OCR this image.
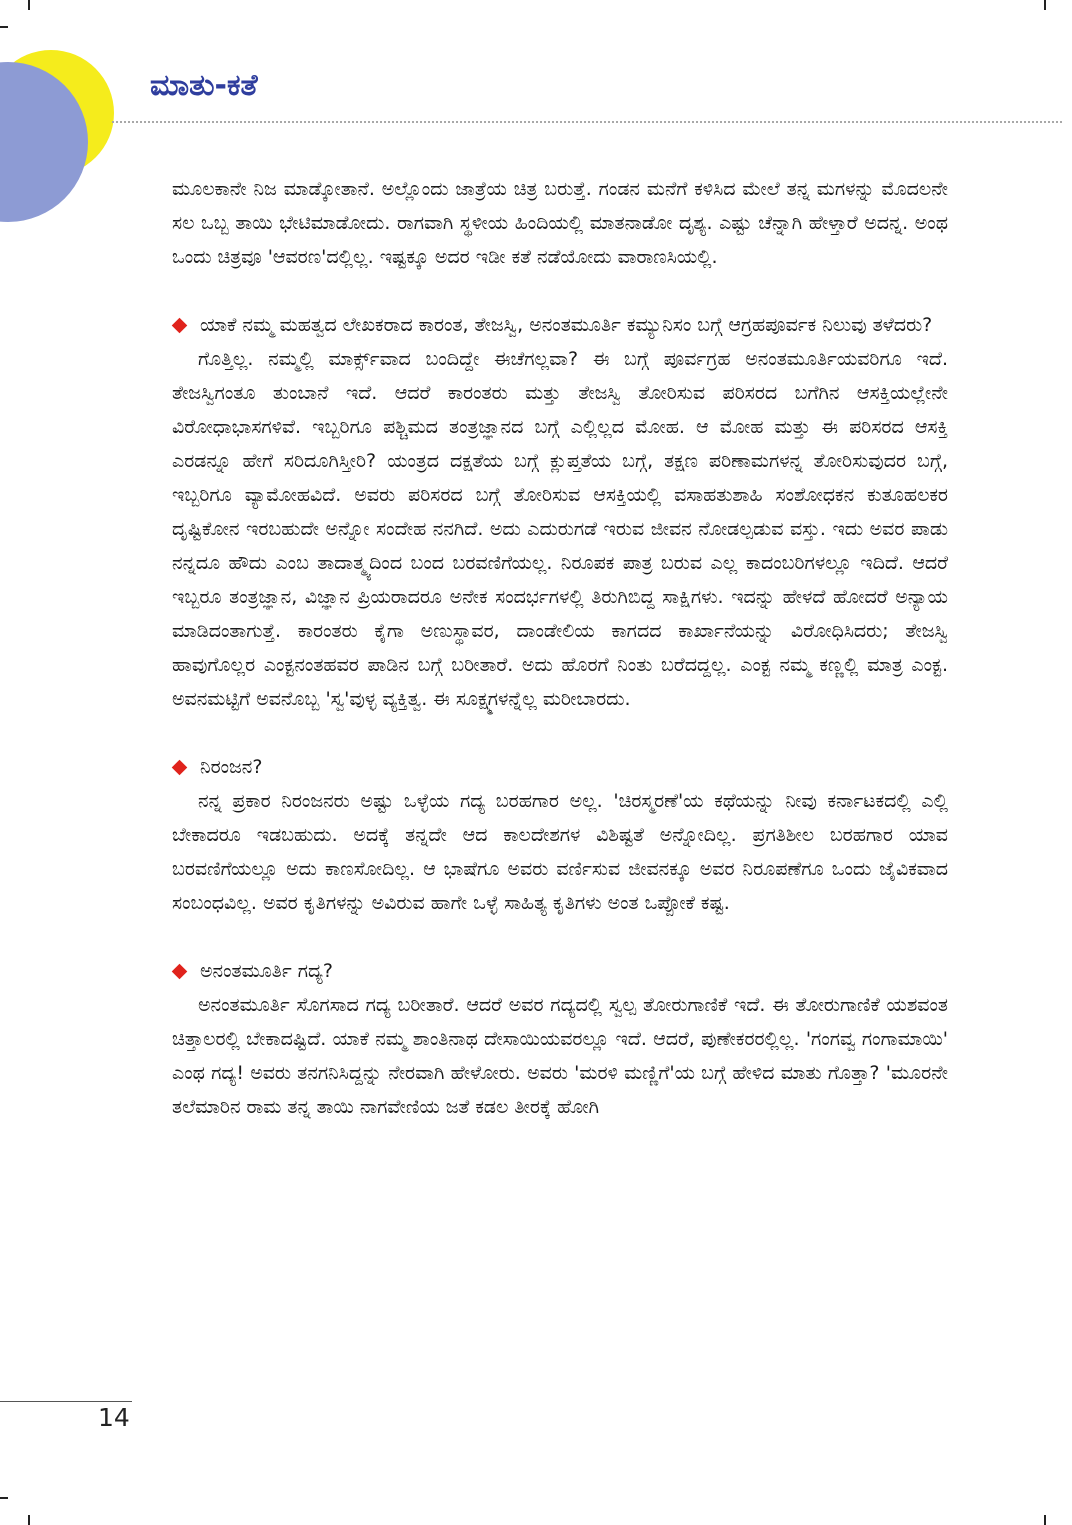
ಮಾತು-ಕತೆ

ಮೂಲಕಾನೇ ನಿಜ ಮಾಡ್ಕೋತಾನೆ. ಅಲ್ಲೊಂದು ಜಾತ್ರೆಯ ಚಿತ್ರ ಬರುತ್ತೆ. ಗಂಡನ ಮನೆಗೆ ಕಳಿಸಿದ ಮೇಲೆ ತನ್ನ ಮಗಳನ್ನು ಮೊದಲನೇ ಸಲ ಒಬ್ಬ ತಾಯಿ ಭೇಟಿಮಾಡೋದು. ರಾಗವಾಗಿ ಸ್ಥಳೀಯ ಹಿಂದಿಯಲ್ಲಿ ಮಾತನಾಡೋ ದೃಶ್ಯ. ಎಷ್ಟು ಚೆನ್ನಾಗಿ ಹೇಳ್ತಾರೆ ಅದನ್ನ. ಅಂಥ ಒಂದು ಚಿತ್ರವೂ 'ಆವರಣ'ದಲ್ಲಿಲ್ಲ. ಇಷ್ಟಕ್ಕೂ ಅದರ ಇಡೀ ಕತೆ ನಡೆಯೋದು ವಾರಾಣಸಿಯಲ್ಲಿ.

ಯಾಕೆ ನಮ್ಮ ಮಹತ್ವದ ಲೇಖಕರಾದ ಕಾರಂತ, ತೇಜಸ್ವಿ, ಅನಂತಮೂರ್ತಿ ಕಮ್ಯುನಿಸಂ ಬಗ್ಗೆ ಆಗ್ರಹಪೂರ್ವಕ ನಿಲುವು ತಳೆದರು?

ಗೊತ್ತಿಲ್ಲ. ನಮ್ಮಲ್ಲಿ ಮಾರ್ಕ್ಸ್‌ವಾದ ಬಂದಿದ್ದೇ ಈಚೆಗಲ್ಲವಾ? ಈ ಬಗ್ಗೆ ಪೂರ್ವಗ್ರಹ ಅನಂತಮೂರ್ತಿಯವರಿಗೂ ಇದೆ. ತೇಜಸ್ವಿಗಂತೂ ತುಂಬಾನೆ ಇದೆ. ಆದರೆ ಕಾರಂತರು ಮತ್ತು ತೇಜಸ್ವಿ ತೋರಿಸುವ ಪರಿಸರದ ಬಗೆಗಿನ ಆಸಕ್ತಿಯಲ್ಲೇನೇ ವಿರೋಧಾಭಾಸಗಳಿವೆ. ಇಬ್ಬರಿಗೂ ಪಶ್ಚಿಮದ ತಂತ್ರಜ್ಞಾನದ ಬಗ್ಗೆ ಎಲ್ಲಿಲ್ಲದ ಮೋಹ. ಆ ಮೋಹ ಮತ್ತು ಈ ಪರಿಸರದ ಆಸಕ್ತಿ ಎರಡನ್ನೂ ಹೇಗೆ ಸರಿದೂಗಿಸ್ತೀರಿ? ಯಂತ್ರದ ದಕ್ಷತೆಯ ಬಗ್ಗೆ ಕ್ಲುಪ್ತತೆಯ ಬಗ್ಗೆ, ತಕ್ಷಣ ಪರಿಣಾಮಗಳನ್ನ ತೋರಿಸುವುದರ ಬಗ್ಗೆ, ಇಬ್ಬರಿಗೂ ವ್ಯಾಮೋಹವಿದೆ. ಅವರು ಪರಿಸರದ ಬಗ್ಗೆ ತೋರಿಸುವ ಆಸಕ್ತಿಯಲ್ಲಿ ವಸಾಹತುಶಾಹಿ ಸಂಶೋಧಕನ ಕುತೂಹಲಕರ ದೃಷ್ಟಿಕೋನ ಇರಬಹುದೇ ಅನ್ನೋ ಸಂದೇಹ ನನಗಿದೆ. ಅದು ಎದುರುಗಡೆ ಇರುವ ಜೀವನ ನೋಡಲ್ಪಡುವ ವಸ್ತು. ಇದು ಅವರ ಪಾಡು ನನ್ನದೂ ಹೌದು ಎಂಬ ತಾದಾತ್ಮ್ಯದಿಂದ ಬಂದ ಬರವಣಿಗೆಯಲ್ಲ. ನಿರೂಪಕ ಪಾತ್ರ ಬರುವ ಎಲ್ಲ ಕಾದಂಬರಿಗಳಲ್ಲೂ ಇದಿದೆ. ಆದರೆ ಇಬ್ಬರೂ ತಂತ್ರಜ್ಞಾನ, ವಿಜ್ಞಾನ ಪ್ರಿಯರಾದರೂ ಅನೇಕ ಸಂದರ್ಭಗಳಲ್ಲಿ ತಿರುಗಿಬಿದ್ದ ಸಾಕ್ಷಿಗಳು. ಇದನ್ನು ಹೇಳದೆ ಹೋದರೆ ಅನ್ಯಾಯ ಮಾಡಿದಂತಾಗುತ್ತೆ. ಕಾರಂತರು ಕೈಗಾ ಅಣುಸ್ಥಾವರ, ದಾಂಡೇಲಿಯ ಕಾಗದದ ಕಾರ್ಖಾನೆಯನ್ನು ವಿರೋಧಿಸಿದರು; ತೇಜಸ್ವಿ ಹಾವುಗೊಲ್ಲರ ಎಂಕ್ಟನಂತಹವರ ಪಾಡಿನ ಬಗ್ಗೆ ಬರೀತಾರೆ. ಅದು ಹೊರಗೆ ನಿಂತು ಬರೆದದ್ದಲ್ಲ. ಎಂಕ್ಟ ನಮ್ಮ ಕಣ್ಣಲ್ಲಿ ಮಾತ್ರ ಎಂಕ್ಟ. ಅವನಮಟ್ಟಿಗೆ ಅವನೊಬ್ಬ 'ಸ್ವ'ವುಳ್ಳ ವ್ಯಕ್ತಿತ್ವ. ಈ ಸೂಕ್ಷ್ಮಗಳನ್ನೆಲ್ಲ ಮರೀಬಾರದು.

ನಿರಂಜನ?

ನನ್ನ ಪ್ರಕಾರ ನಿರಂಜನರು ಅಷ್ಟು ಒಳ್ಳೆಯ ಗದ್ಯ ಬರಹಗಾರ ಅಲ್ಲ. 'ಚಿರಸ್ಮರಣೆ'ಯ ಕಥೆಯನ್ನು ನೀವು ಕರ್ನಾಟಕದಲ್ಲಿ ಎಲ್ಲಿ ಬೇಕಾದರೂ ಇಡಬಹುದು. ಅದಕ್ಕೆ ತನ್ನದೇ ಆದ ಕಾಲದೇಶಗಳ ವಿಶಿಷ್ಟತೆ ಅನ್ನೋದಿಲ್ಲ. ಪ್ರಗತಿಶೀಲ ಬರಹಗಾರ ಯಾವ ಬರವಣಿಗೆಯಲ್ಲೂ ಅದು ಕಾಣಸೋದಿಲ್ಲ. ಆ ಭಾಷೆಗೂ ಅವರು ವರ್ಣಿಸುವ ಜೀವನಕ್ಕೂ ಅವರ ನಿರೂಪಣೆಗೂ ಒಂದು ಜೈವಿಕವಾದ ಸಂಬಂಧವಿಲ್ಲ. ಅವರ ಕೃತಿಗಳನ್ನು ಅವಿರುವ ಹಾಗೇ ಒಳ್ಳೆ ಸಾಹಿತ್ಯ ಕೃತಿಗಳು ಅಂತ ಒಪ್ಪೋಕೆ ಕಷ್ಟ.

ಅನಂತಮೂರ್ತಿ ಗದ್ಯ?

ಅನಂತಮೂರ್ತಿ ಸೊಗಸಾದ ಗದ್ಯ ಬರೀತಾರೆ. ಆದರೆ ಅವರ ಗದ್ಯದಲ್ಲಿ ಸ್ವಲ್ಪ ತೋರುಗಾಣಿಕೆ ಇದೆ. ಈ ತೋರುಗಾಣಿಕೆ ಯಶವಂತ ಚಿತ್ತಾಲರಲ್ಲಿ ಬೇಕಾದಷ್ಟಿದೆ. ಯಾಕೆ ನಮ್ಮ ಶಾಂತಿನಾಥ ದೇಸಾಯಿಯವರಲ್ಲೂ ಇದೆ. ಆದರೆ, ಪುಣೇಕರರಲ್ಲಿಲ್ಲ. 'ಗಂಗವ್ವ ಗಂಗಾಮಾಯಿ' ಎಂಥ ಗದ್ಯ! ಅವರು ತನಗನಿಸಿದ್ದನ್ನು ನೇರವಾಗಿ ಹೇಳೋರು. ಅವರು 'ಮರಳಿ ಮಣ್ಣಿಗೆ'ಯ ಬಗ್ಗೆ ಹೇಳಿದ ಮಾತು ಗೊತ್ತಾ? 'ಮೂರನೇ ತಲೆಮಾರಿನ ರಾಮ ತನ್ನ ತಾಯಿ ನಾಗವೇಣಿಯ ಜತೆ ಕಡಲ ತೀರಕ್ಕೆ ಹೋಗಿ

14
